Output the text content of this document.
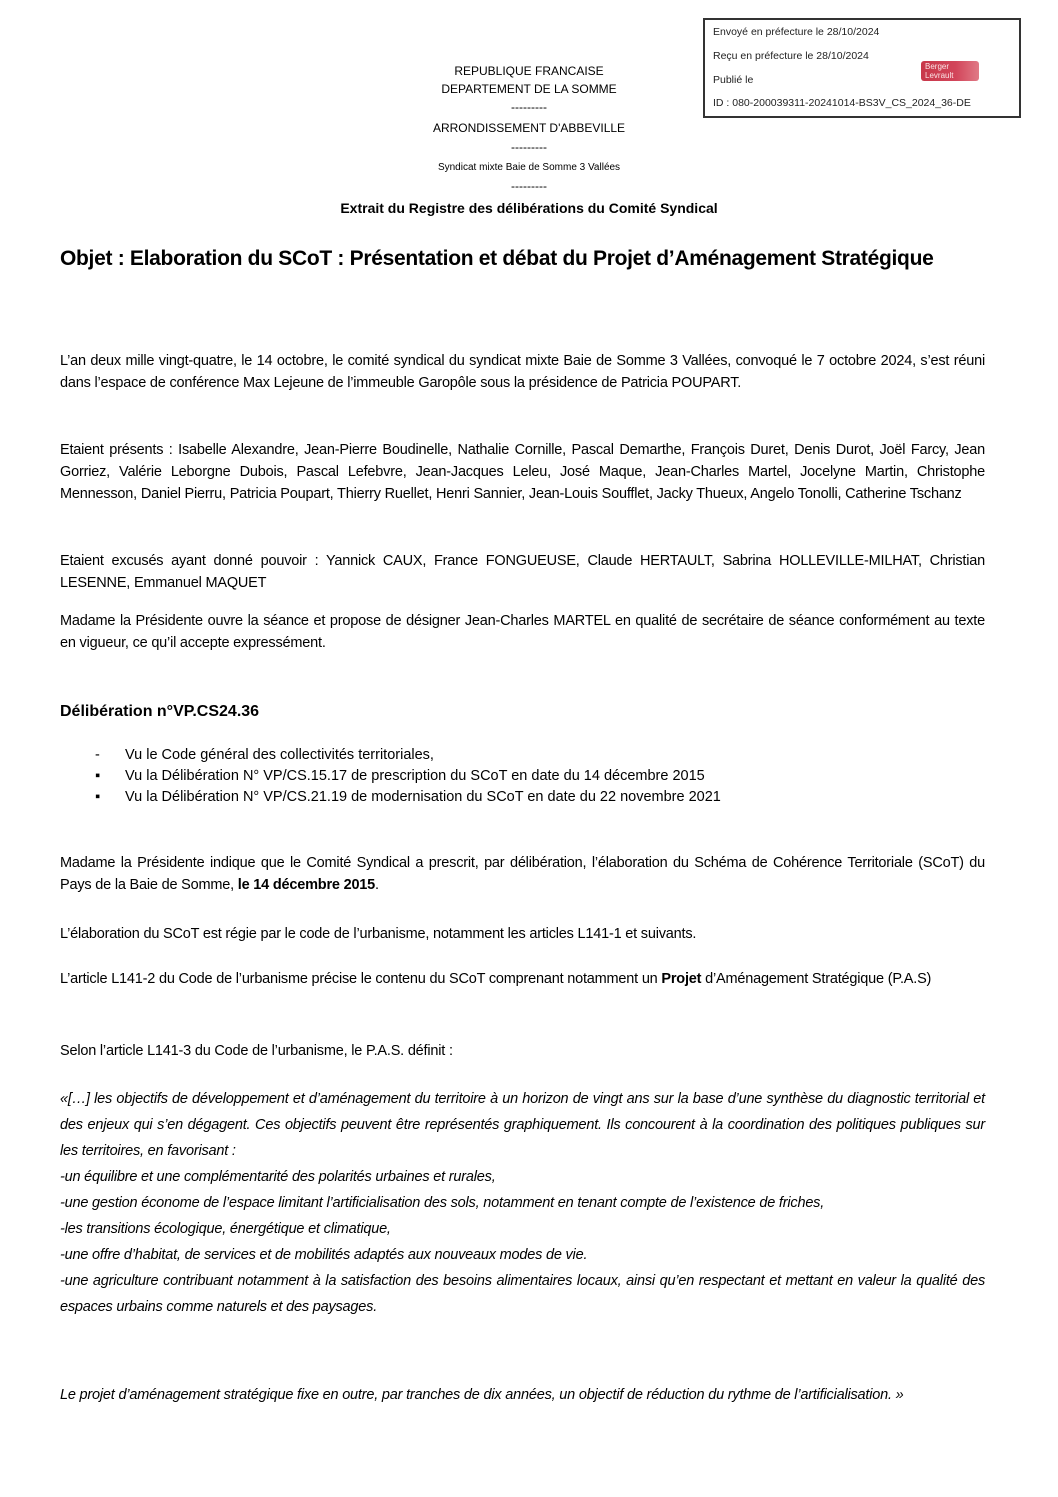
Envoyé en préfecture le 28/10/2024
Reçu en préfecture le 28/10/2024
Publié le
ID : 080-200039311-20241014-BS3V_CS_2024_36-DE
Berger
Levrault
REPUBLIQUE FRANCAISE
DEPARTEMENT DE LA SOMME
---------
ARRONDISSEMENT D'ABBEVILLE
---------
Syndicat mixte Baie de Somme 3 Vallées
---------
Extrait du Registre des délibérations du Comité Syndical
Objet : Elaboration du SCoT : Présentation et débat du Projet d’Aménagement Stratégique
L’an deux mille vingt-quatre, le 14 octobre, le comité syndical du syndicat mixte Baie de Somme 3 Vallées, convoqué le 7 octobre 2024, s’est réuni dans l’espace de conférence Max Lejeune de l’immeuble Garopôle sous la présidence de Patricia POUPART.
Etaient présents : Isabelle Alexandre, Jean-Pierre Boudinelle, Nathalie Cornille, Pascal Demarthe, François Duret, Denis Durot, Joël Farcy, Jean Gorriez, Valérie Leborgne Dubois, Pascal Lefebvre, Jean-Jacques Leleu, José Maque, Jean-Charles Martel, Jocelyne Martin, Christophe Mennesson, Daniel Pierru, Patricia Poupart, Thierry Ruellet, Henri Sannier, Jean-Louis Soufflet, Jacky Thueux, Angelo Tonolli, Catherine Tschanz
Etaient excusés ayant donné pouvoir : Yannick CAUX, France FONGUEUSE, Claude HERTAULT, Sabrina HOLLEVILLE-MILHAT, Christian LESENNE, Emmanuel MAQUET
Madame la Présidente ouvre la séance et propose de désigner Jean-Charles MARTEL en qualité de secrétaire de séance conformément au texte en vigueur, ce qu’il accepte expressément.
Délibération n°VP.CS24.36
- Vu le Code général des collectivités territoriales,
▪ Vu la Délibération N° VP/CS.15.17 de prescription du SCoT en date du 14 décembre 2015
▪ Vu la Délibération N° VP/CS.21.19 de modernisation du SCoT en date du 22 novembre 2021
Madame la Présidente indique que le Comité Syndical a prescrit, par délibération, l’élaboration du Schéma de Cohérence Territoriale (SCoT) du Pays de la Baie de Somme, le 14 décembre 2015.
L’élaboration du SCoT est régie par le code de l’urbanisme, notamment les articles L141-1 et suivants.
L’article L141-2 du Code de l’urbanisme précise le contenu du SCoT comprenant notamment un Projet d’Aménagement Stratégique (P.A.S)
Selon l’article L141-3 du Code de l’urbanisme, le P.A.S. définit :
«[…] les objectifs de développement et d’aménagement du territoire à un horizon de vingt ans sur la base d’une synthèse du diagnostic territorial et des enjeux qui s’en dégagent. Ces objectifs peuvent être représentés graphiquement. Ils concourent à la coordination des politiques publiques sur les territoires, en favorisant :
-un équilibre et une complémentarité des polarités urbaines et rurales,
-une gestion économe de l’espace limitant l’artificialisation des sols, notamment en tenant compte de l’existence de friches,
-les transitions écologique, énergétique et climatique,
-une offre d’habitat, de services et de mobilités adaptés aux nouveaux modes de vie.
-une agriculture contribuant notamment à la satisfaction des besoins alimentaires locaux, ainsi qu’en respectant et mettant en valeur la qualité des espaces urbains comme naturels et des paysages.
Le projet d’aménagement stratégique fixe en outre, par tranches de dix années, un objectif de réduction du rythme de l’artificialisation. »
